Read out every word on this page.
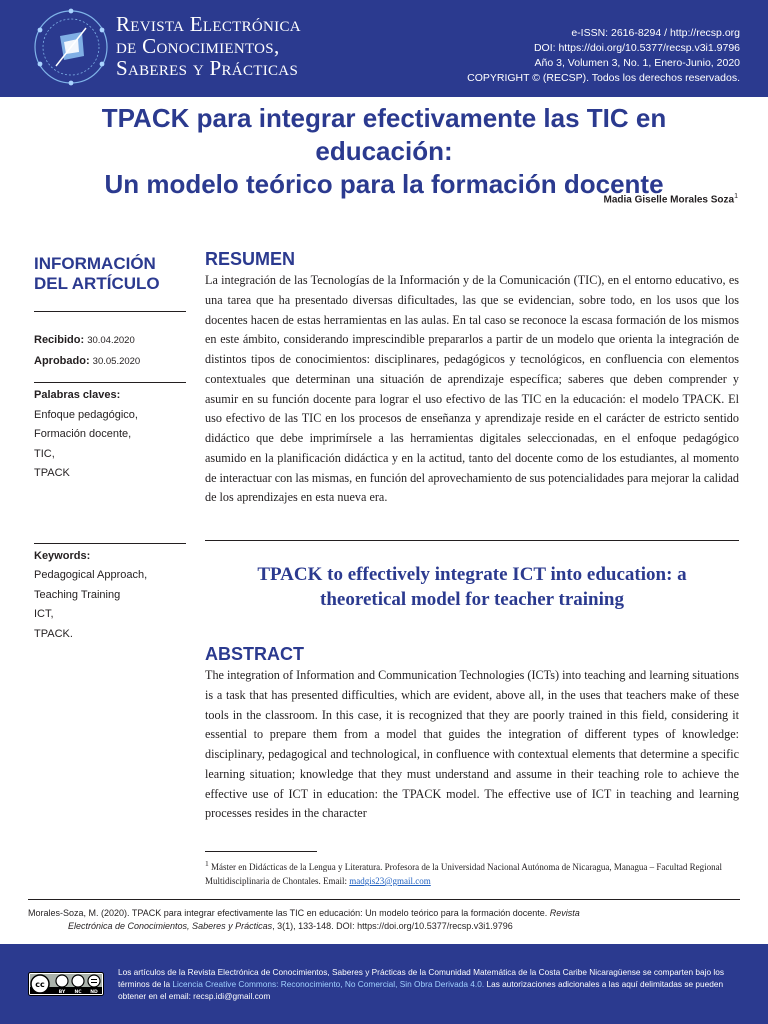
Revista Electrónica
de Conocimientos,
Saberes y Prácticas
e-ISSN: 2616-8294 / http://recsp.org
DOI: https://doi.org/10.5377/recsp.v3i1.9796
Año 3, Volumen 3, No. 1, Enero-Junio, 2020
COPYRIGHT © (RECSP). Todos los derechos reservados.
TPACK para integrar efectivamente las TIC en educación:
Un modelo teórico para la formación docente
Madia Giselle Morales Soza$^1$
INFORMACIÓN
DEL ARTÍCULO
Recibido: 30.04.2020
Aprobado: 30.05.2020
Palabras claves:
Enfoque pedagógico,
Formación docente,
TIC,
TPACK
Keywords:
Pedagogical Approach,
Teaching Training
ICT,
TPACK.
RESUMEN

La integración de las Tecnologías de la Información y de la Comunicación (TIC), en el entorno educativo, es una tarea que ha presentado diversas dificultades, las que se evidencian, sobre todo, en los usos que los docentes hacen de estas herramientas en las aulas. En tal caso se reconoce la escasa formación de los mismos en este ámbito, considerando imprescindible prepararlos a partir de un modelo que orienta la integración de distintos tipos de conocimientos: disciplinares, pedagógicos y tecnológicos, en confluencia con elementos contextuales que determinan una situación de aprendizaje específica; saberes que deben comprender y asumir en su función docente para lograr el uso efectivo de las TIC en la educación: el modelo TPACK. El uso efectivo de las TIC en los procesos de enseñanza y aprendizaje reside en el carácter de estricto sentido didáctico que debe imprimírsele a las herramientas digitales seleccionadas, en el enfoque pedagógico asumido en la planificación didáctica y en la actitud, tanto del docente como de los estudiantes, al momento de interactuar con las mismas, en función del aprovechamiento de sus potencialidades para mejorar la calidad de los aprendizajes en esta nueva era.

TPACK to effectively integrate ICT into education: a
theoretical model for teacher training
ABSTRACT

The integration of Information and Communication Technologies (ICTs) into teaching and learning situations is a task that has presented difficulties, which are evident, above all, in the uses that teachers make of these tools in the classroom. In this case, it is recognized that they are poorly trained in this field, considering it essential to prepare them from a model that guides the integration of different types of knowledge: disciplinary, pedagogical and technological, in confluence with contextual elements that determine a specific learning situation; knowledge that they must understand and assume in their teaching role to achieve the effective use of ICT in education: the TPACK model. The effective use of ICT in teaching and learning processes resides in the character

$^1$ Máster en Didácticas de la Lengua y Literatura. Profesora de la Universidad Nacional Autónoma de Nicaragua, Managua – Facultad Regional Multidisciplinaria de Chontales. Email: madgis23@gmail.com
Morales-Soza, M. (2020). TPACK para integrar efectivamente las TIC en educación: Un modelo teórico para la formación docente. Revista
Electrónica de Conocimientos, Saberes y Prácticas, 3(1), 133-148. DOI: https://doi.org/10.5377/recsp.v3i1.9796
cc
BY NC ND
Los artículos de la Revista Electrónica de Conocimientos, Saberes y Prácticas de la Comunidad Matemática de la Costa Caribe Nicaragüense se comparten bajo los términos de la Licencia Creative Commons: Reconocimiento, No Comercial, Sin Obra Derivada 4.0. Las autorizaciones adicionales a las aquí delimitadas se pueden obtener en el email: recsp.idi@gmail.com
